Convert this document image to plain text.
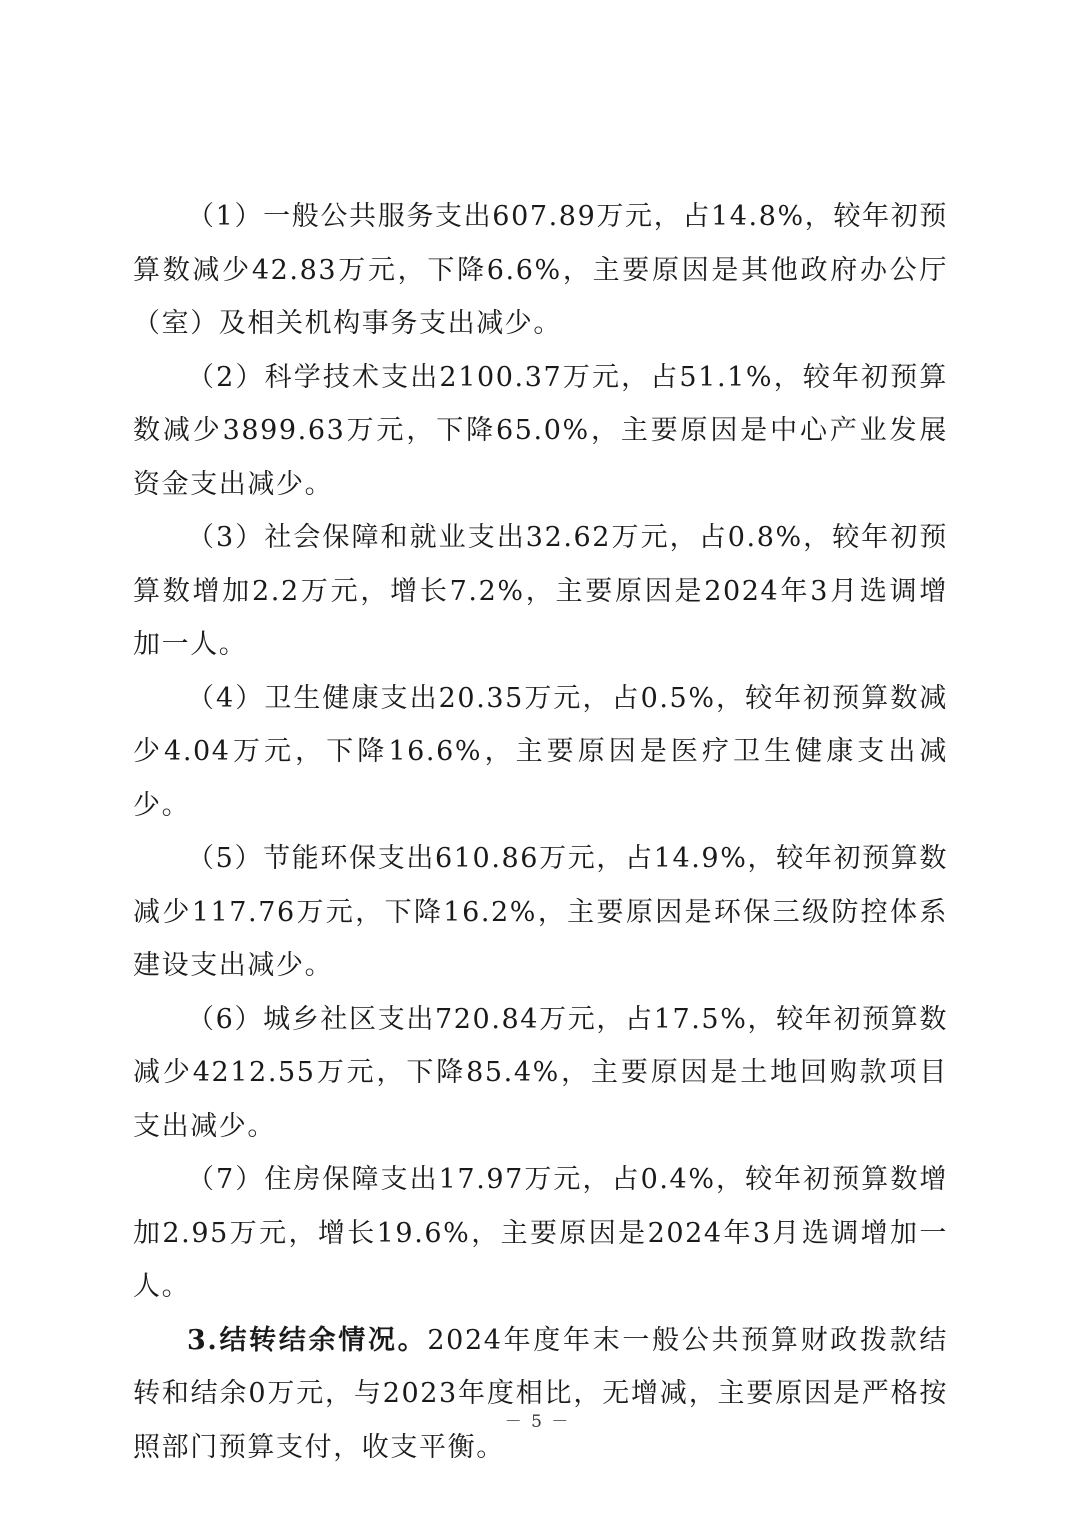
（1）一般公共服务支出607.89万元，占14.8%，较年初预算数减少42.83万元，下降6.6%，主要原因是其他政府办公厅（室）及相关机构事务支出减少。

（2）科学技术支出2100.37万元，占51.1%，较年初预算数减少3899.63万元，下降65.0%，主要原因是中心产业发展资金支出减少。

（3）社会保障和就业支出32.62万元，占0.8%，较年初预算数增加2.2万元，增长7.2%，主要原因是2024年3月选调增加一人。

（4）卫生健康支出20.35万元，占0.5%，较年初预算数减少4.04万元，下降16.6%，主要原因是医疗卫生健康支出减少。

（5）节能环保支出610.86万元，占14.9%，较年初预算数减少117.76万元，下降16.2%，主要原因是环保三级防控体系建设支出减少。

（6）城乡社区支出720.84万元，占17.5%，较年初预算数减少4212.55万元，下降85.4%，主要原因是土地回购款项目支出减少。

（7）住房保障支出17.97万元，占0.4%，较年初预算数增加2.95万元，增长19.6%，主要原因是2024年3月选调增加一人。

3.结转结余情况。2024年度年末一般公共预算财政拨款结转和结余0万元，与2023年度相比，无增减，主要原因是严格按照部门预算支付，收支平衡。

－ 5 －
